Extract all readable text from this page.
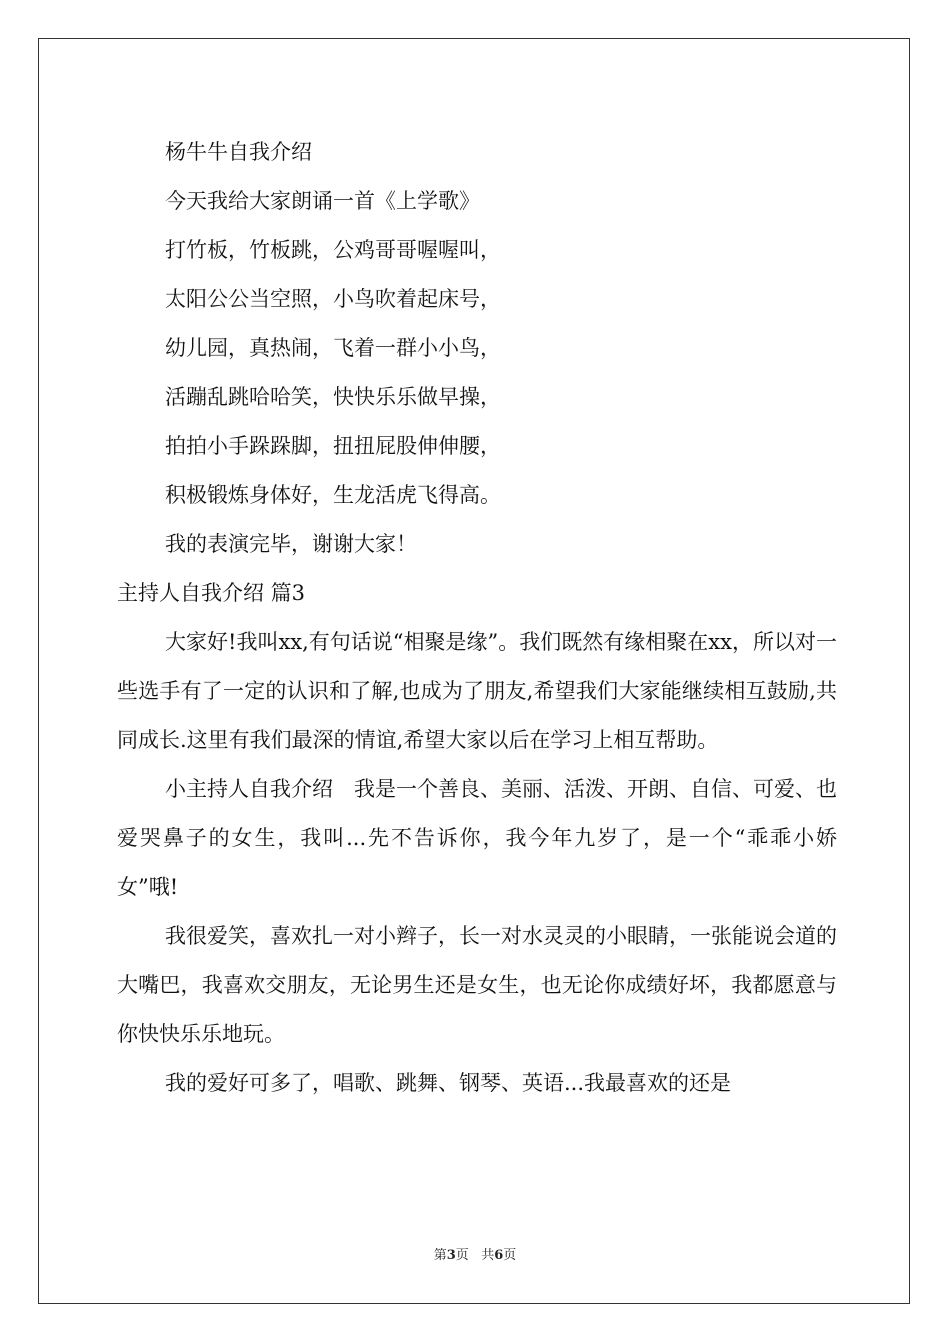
杨牛牛自我介绍

今天我给大家朗诵一首《上学歌》

打竹板，竹板跳，公鸡哥哥喔喔叫，

太阳公公当空照，小鸟吹着起床号，

幼儿园，真热闹，飞着一群小小鸟，

活蹦乱跳哈哈笑，快快乐乐做早操，

拍拍小手跺跺脚，扭扭屁股伸伸腰，

积极锻炼身体好，生龙活虎飞得高。

我的表演完毕，谢谢大家！

主持人自我介绍 篇3

大家好!我叫xx,有句话说“相聚是缘”。我们既然有缘相聚在xx，所以对一些选手有了一定的认识和了解,也成为了朋友,希望我们大家能继续相互鼓励,共同成长.这里有我们最深的情谊,希望大家以后在学习上相互帮助。

小主持人自我介绍　我是一个善良、美丽、活泼、开朗、自信、可爱、也爱哭鼻子的女生，我叫...先不告诉你，我今年九岁了，是一个“乖乖小娇女”哦!

我很爱笑，喜欢扎一对小辫子，长一对水灵灵的小眼睛，一张能说会道的大嘴巴，我喜欢交朋友，无论男生还是女生，也无论你成绩好坏，我都愿意与你快快乐乐地玩。

我的爱好可多了，唱歌、跳舞、钢琴、英语...我最喜欢的还是

第3页 共6页
